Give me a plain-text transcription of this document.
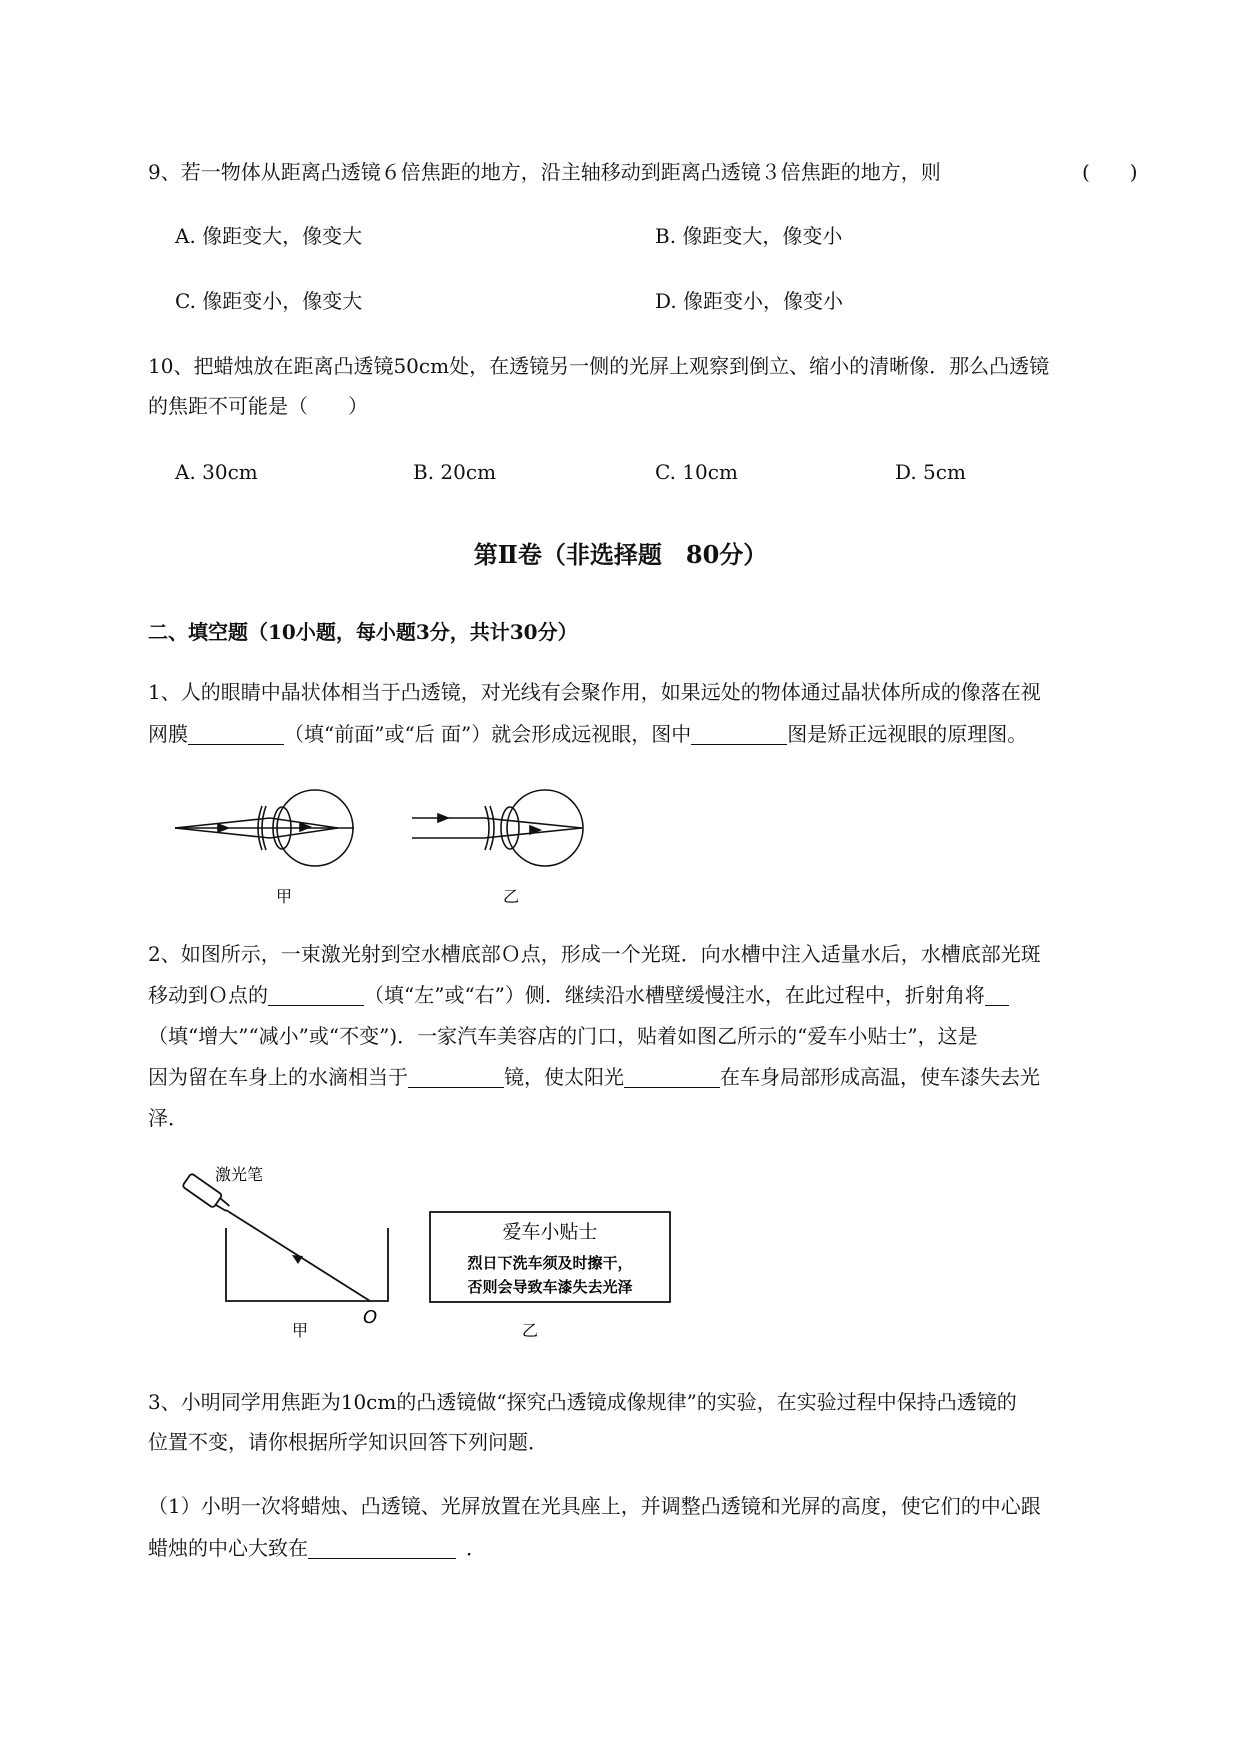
9、若一物体从距离凸透镜６倍焦距的地方，沿主轴移动到距离凸透镜３倍焦距的地方，则	(　　)
A. 像距变大，像变大	B. 像距变大，像变小
C. 像距变小，像变大	D. 像距变小，像变小
10、把蜡烛放在距离凸透镜50cm处，在透镜另一侧的光屏上观察到倒立、缩小的清晰像．那么凸透镜
的焦距不可能是（　　）
A. 30cm	B. 20cm	C. 10cm	D. 5cm
第Ⅱ卷（非选择题　80分）
二、填空题（10小题，每小题3分，共计30分）
1、人的眼睛中晶状体相当于凸透镜，对光线有会聚作用，如果远处的物体通过晶状体所成的像落在视
网膜	（填“前面”或“后 面”）就会形成远视眼，图中	图是矫正远视眼的原理图。
甲	乙
2、如图所示，一束激光射到空水槽底部Ｏ点，形成一个光斑．向水槽中注入适量水后，水槽底部光斑
移动到Ｏ点的	（填“左”或“右”）侧．继续沿水槽壁缓慢注水，在此过程中，折射角将
（填“增大”“减小”或“不变”)．一家汽车美容店的门口，贴着如图乙所示的“爱车小贴士”，这是
因为留在车身上的水滴相当于	镜，使太阳光	在车身局部形成高温，使车漆失去光
泽．
激光笔
O
甲
爱车小贴士
烈日下洗车须及时擦干，
否则会导致车漆失去光泽
乙
3、小明同学用焦距为10cm的凸透镜做“探究凸透镜成像规律”的实验，在实验过程中保持凸透镜的
位置不变，请你根据所学知识回答下列问题．
（1）小明一次将蜡烛、凸透镜、光屏放置在光具座上，并调整凸透镜和光屏的高度，使它们的中心跟
蜡烛的中心大致在	．
